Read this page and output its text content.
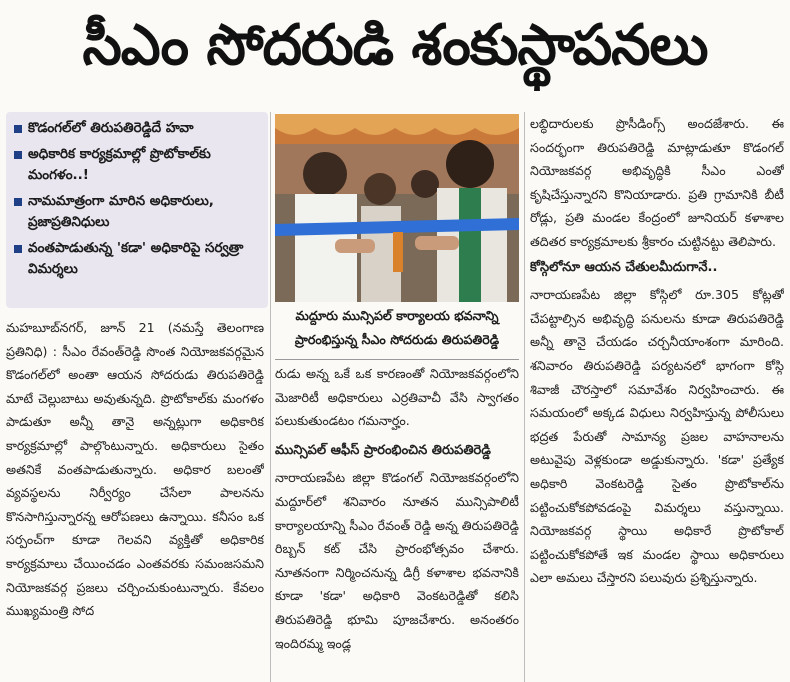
సీఎం సోదరుడి శంకుస్థాపనలు
కొడంగల్‌లో తిరుపతిరెడ్డిదే హవా
అధికారిక కార్యక్రమాల్లో ప్రొటోకాల్‌కు మంగళం..!
నామమాత్రంగా మారిన అధికారులు, ప్రజాప్రతినిధులు
వంతపాడుతున్న 'కడా' అధికారిపై సర్వత్రా విమర్శలు

మహబూబ్‌నగర్, జూన్ 21 (నమస్తే తెలంగాణ ప్రతినిధి) : సీఎం రేవంత్‌రెడ్డి సొంత నియోజకవర్గమైన కొడంగల్‌లో అంతా ఆయన సోదరుడు తిరుపతిరెడ్డి మాటే చెల్లుబాటు అవుతున్నది. ప్రొటోకాల్‌కు మంగళం పాడుతూ అన్నీ తానై అన్నట్లుగా అధికారిక కార్యక్రమాల్లో పాల్గొంటున్నారు. అధికారులు సైతం అతనికే వంతపాడుతున్నారు. అధికార బలంతో వ్యవస్థలను నిర్వీర్యం చేసేలా పాలనను కొనసాగిస్తున్నారన్న ఆరోపణలు ఉన్నాయి. కనీసం ఒక సర్పంచ్‌గా కూడా గెలవని వ్యక్తితో అధికారిక కార్యక్రమాలు చేయించడం ఎంతవరకు సమంజసమని నియోజకవర్గ ప్రజలు చర్చించుకుంటున్నారు. కేవలం ముఖ్యమంత్రి సోద

మద్దూరు మున్సిపల్ కార్యాలయ భవనాన్ని ప్రారంభిస్తున్న సీఎం సోదరుడు తిరుపతిరెడ్డి

రుడు అన్న ఒకే ఒక కారణంతో నియోజకవర్గంలోని మెజారిటీ అధికారులు ఎర్రతివాచీ వేసి స్వాగతం పలుకుతుండటం గమనార్హం.

మున్సిపల్ ఆఫీస్ ప్రారంభించిన తిరుపతిరెడ్డి

నారాయణపేట జిల్లా కొడంగల్ నియోజకవర్గంలోని మద్దూర్‌లో శనివారం నూతన మున్సిపాలిటీ కార్యాలయాన్ని సీఎం రేవంత్ రెడ్డి అన్న తిరుపతిరెడ్డి రిబ్బన్ కట్ చేసి ప్రారంభోత్సవం చేశారు. నూతనంగా నిర్మించనున్న డిగ్రీ కళాశాల భవనానికి కూడా 'కడా' అధికారి వెంకటరెడ్డితో కలిసి తిరుపతిరెడ్డి భూమి పూజచేశారు. అనంతరం ఇందిరమ్మ ఇండ్ల

లబ్ధిదారులకు ప్రొసీడింగ్స్ అందజేశారు. ఈ సందర్భంగా తిరుపతిరెడ్డి మాట్లాడుతూ కొడంగల్ నియోజకవర్గ అభివృద్ధికి సీఎం ఎంతో కృషిచేస్తున్నారని కొనియాడారు. ప్రతి గ్రామానికి బీటీ రోడ్లు, ప్రతి మండల కేంద్రంలో జూనియర్ కళాశాల తదితర కార్యక్రమాలకు శ్రీకారం చుట్టినట్టు తెలిపారు.

కోస్గిలోనూ ఆయన చేతులమీదుగానే..

నారాయణపేట జిల్లా కోస్గిలో రూ.305 కోట్లతో చేపట్టాల్సిన అభివృద్ధి పనులను కూడా తిరుపతిరెడ్డి అన్నీ తానై చేయడం చర్చనీయాంశంగా మారింది. శనివారం తిరుపతిరెడ్డి పర్యటనలో భాగంగా కోస్గి శివాజీ చౌరస్తాలో సమావేశం నిర్వహించారు. ఈ సమయంలో అక్కడ విధులు నిర్వహిస్తున్న పోలీసులు భద్రత పేరుతో సామాన్య ప్రజల వాహనాలను అటువైపు వెళ్లకుండా అడ్డుకున్నారు. 'కడా' ప్రత్యేక అధికారి వెంకటరెడ్డి సైతం ప్రొటోకాల్‌ను పట్టించుకోకపోవడంపై విమర్శలు వస్తున్నాయి. నియోజకవర్గ స్థాయి అధికారే ప్రొటోకాల్ పట్టించుకోకపోతే ఇక మండల స్థాయి అధికారులు ఎలా అమలు చేస్తారని పలువురు ప్రశ్నిస్తున్నారు.
